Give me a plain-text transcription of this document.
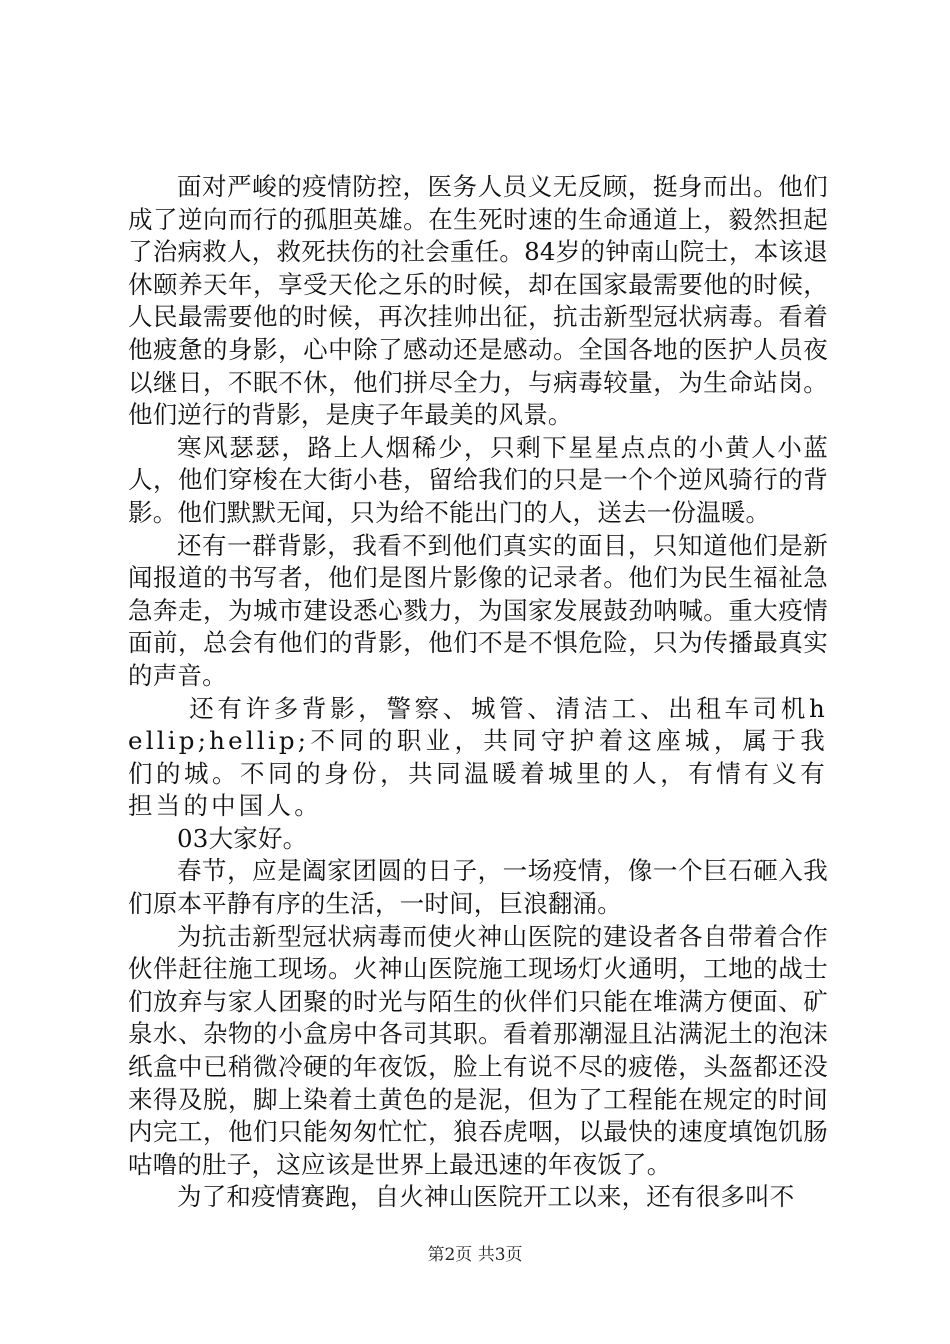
面对严峻的疫情防控，医务人员义无反顾，挺身而出。他们成了逆向而行的孤胆英雄。在生死时速的生命通道上，毅然担起了治病救人，救死扶伤的社会重任。84岁的钟南山院士，本该退休颐养天年，享受天伦之乐的时候，却在国家最需要他的时候，人民最需要他的时候，再次挂帅出征，抗击新型冠状病毒。看着他疲惫的身影，心中除了感动还是感动。全国各地的医护人员夜以继日，不眠不休，他们拼尽全力，与病毒较量，为生命站岗。他们逆行的背影，是庚子年最美的风景。

寒风瑟瑟，路上人烟稀少，只剩下星星点点的小黄人小蓝人，他们穿梭在大街小巷，留给我们的只是一个个逆风骑行的背影。他们默默无闻，只为给不能出门的人，送去一份温暖。

还有一群背影，我看不到他们真实的面目，只知道他们是新闻报道的书写者，他们是图片影像的记录者。他们为民生福祉急急奔走，为城市建设悉心戮力，为国家发展鼓劲呐喊。重大疫情面前，总会有他们的背影，他们不是不惧危险，只为传播最真实的声音。

还有许多背影，警察、城管、清洁工、出租车司机hellip;hellip;不同的职业，共同守护着这座城，属于我们的城。不同的身份，共同温暖着城里的人，有情有义有担当的中国人。

03大家好。

春节，应是阖家团圆的日子，一场疫情，像一个巨石砸入我们原本平静有序的生活，一时间，巨浪翻涌。

为抗击新型冠状病毒而使火神山医院的建设者各自带着合作伙伴赶往施工现场。火神山医院施工现场灯火通明，工地的战士们放弃与家人团聚的时光与陌生的伙伴们只能在堆满方便面、矿泉水、杂物的小盒房中各司其职。看着那潮湿且沾满泥土的泡沫纸盒中已稍微冷硬的年夜饭，脸上有说不尽的疲倦，头盔都还没来得及脱，脚上染着土黄色的是泥，但为了工程能在规定的时间内完工，他们只能匆匆忙忙，狼吞虎咽，以最快的速度填饱饥肠咕噜的肚子，这应该是世界上最迅速的年夜饭了。

为了和疫情赛跑，自火神山医院开工以来，还有很多叫不

第2页 共3页
